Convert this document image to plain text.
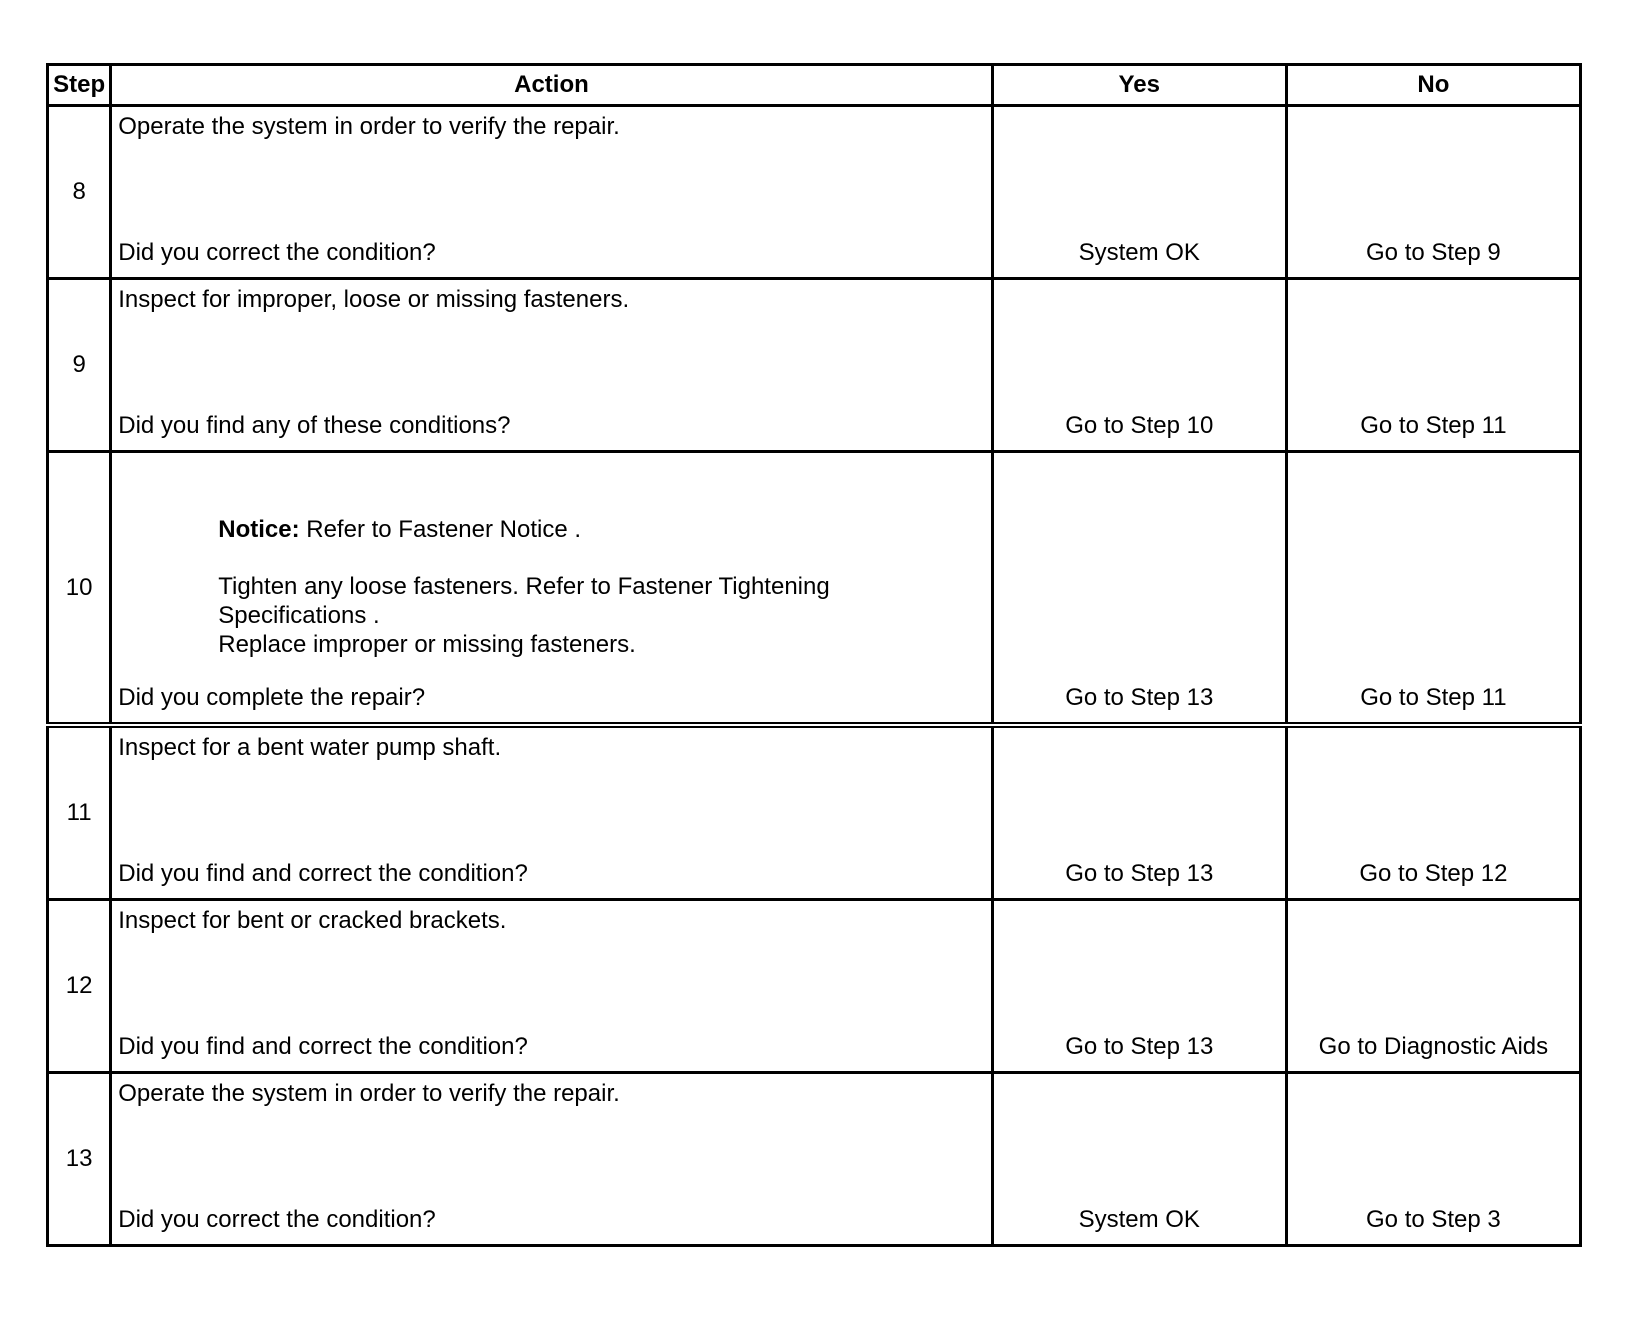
Step	Action	Yes	No
8	Operate the system in order to verify the repair.
Did you correct the condition?	System OK	Go to Step 9

9	Inspect for improper, loose or missing fasteners.
Did you find any of these conditions?	Go to Step 10	Go to Step 11

10	Notice: Refer to Fastener Notice .
Tighten any loose fasteners. Refer to Fastener Tightening Specifications .
Replace improper or missing fasteners.
Did you complete the repair?	Go to Step 13	Go to Step 11

11	Inspect for a bent water pump shaft.
Did you find and correct the condition?	Go to Step 13	Go to Step 12

12	Inspect for bent or cracked brackets.
Did you find and correct the condition?	Go to Step 13	Go to Diagnostic Aids

13	Operate the system in order to verify the repair.
Did you correct the condition?	System OK	Go to Step 3
